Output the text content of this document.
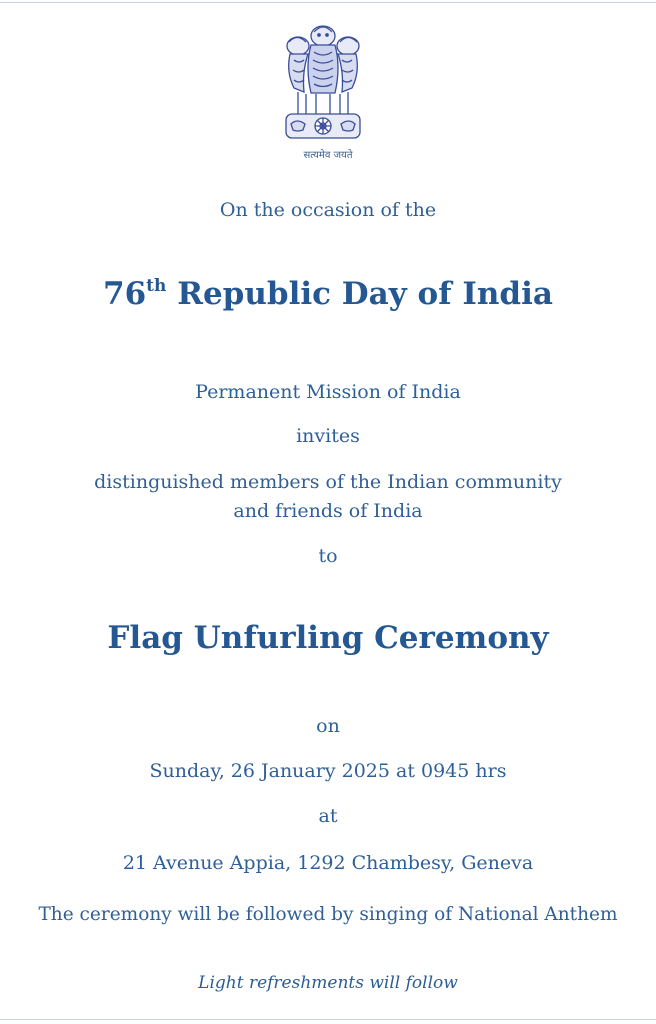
सत्यमेव जयते
On the occasion of the
76th Republic Day of India
Permanent Mission of India
invites
distinguished members of the Indian community
and friends of India
to
Flag Unfurling Ceremony
on
Sunday, 26 January 2025 at 0945 hrs
at
21 Avenue Appia, 1292 Chambesy, Geneva
The ceremony will be followed by singing of National Anthem
Light refreshments will follow
